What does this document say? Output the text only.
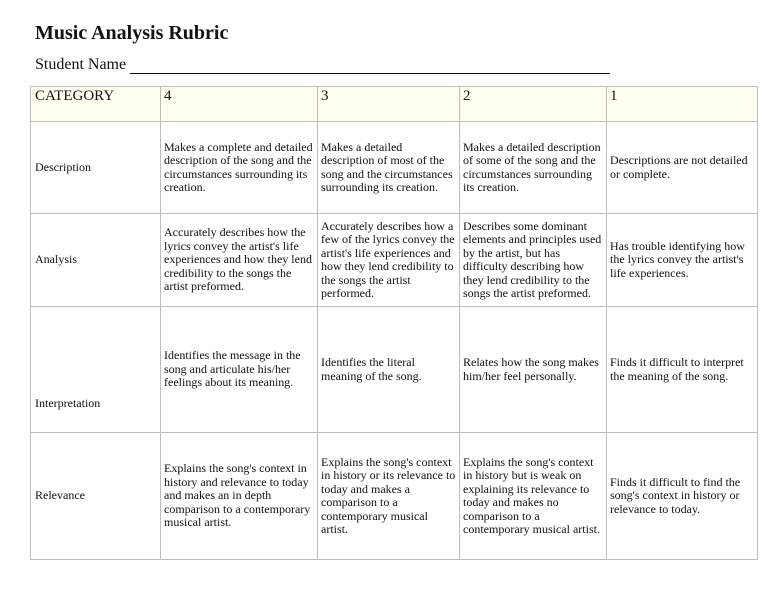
Music Analysis Rubric
Student Name
CATEGORY	4	3	2	1
Description	Makes a complete and detailed description of the song and the circumstances surrounding its creation.	Makes a detailed description of most of the song and the circumstances surrounding its creation.	Makes a detailed description of some of the song and the circumstances surrounding its creation.	Descriptions are not detailed or complete.
Analysis	Accurately describes how the lyrics convey the artist's life experiences and how they lend credibility to the songs the artist preformed.	Accurately describes how a few of the lyrics convey the artist's life experiences and how they lend credibility to the songs the artist performed.	Describes some dominant elements and principles used by the artist, but has difficulty describing how they lend credibility to the songs the artist preformed.	Has trouble identifying how the lyrics convey the artist's life experiences.
Interpretation	Identifies the message in the song and articulate his/her feelings about its meaning.	Identifies the literal meaning of the song.	Relates how the song makes him/her feel personally.	Finds it difficult to interpret the meaning of the song.
Relevance	Explains the song's context in history and relevance to today and makes an in depth comparison to a contemporary musical artist.	Explains the song's context in history or its relevance to today and makes a comparison to a contemporary musical artist.	Explains the song's context in history but is weak on explaining its relevance to today and makes no comparison to a contemporary musical artist.	Finds it difficult to find the song's context in history or relevance to today.
